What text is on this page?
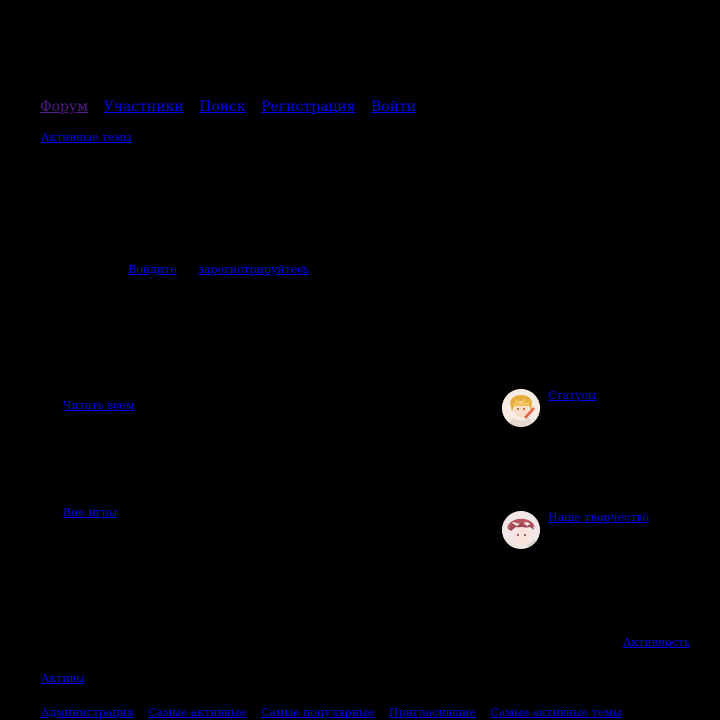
Форум Участники Поиск Регистрация Войти
Активные темы
Войдите зарегистрируйтесь
Читать всем
Вне игры
Статусы
Наше творчество
Активность
Активы
Администрация Самые активные Самые популярные Пригласившие Самые активные темы
